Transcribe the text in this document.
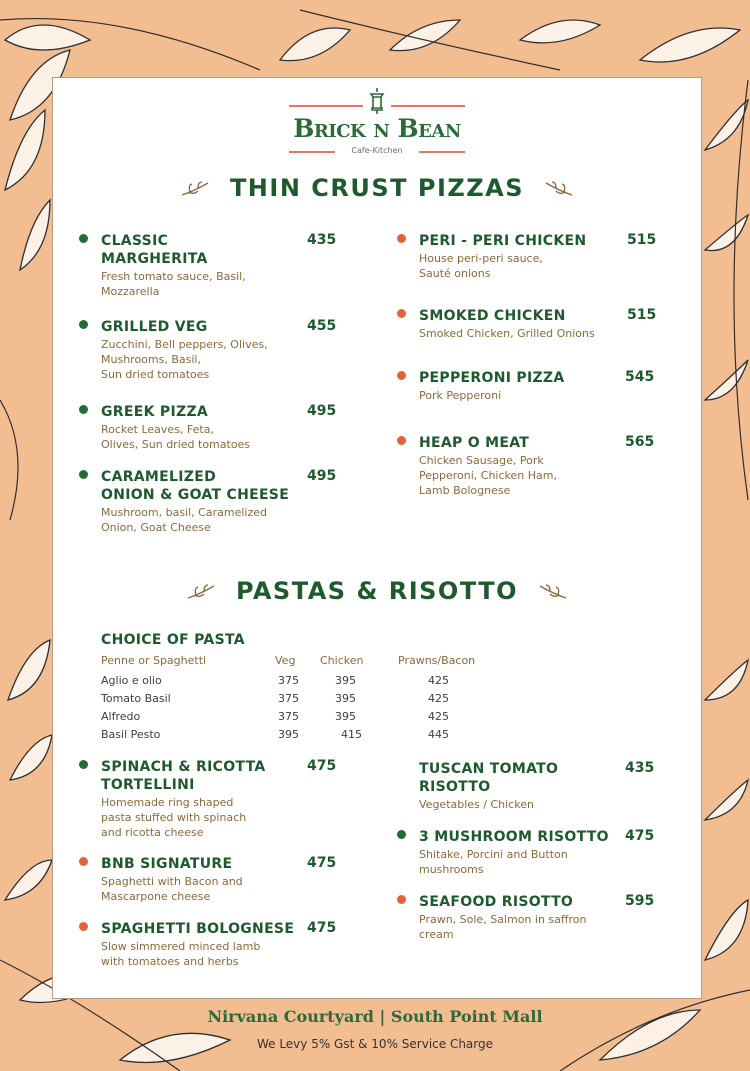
Brick n Bean
Cafe-Kitchen
THIN CRUST PIZZAS
CLASSIC
MARGHERITA
435
Fresh tomato sauce, Basil,
Mozzarella
GRILLED VEG	455
Zucchini, Bell peppers, Olives,
Mushrooms, Basil,
Sun dried tomatoes
GREEK PIZZA	495
Rocket Leaves, Feta,
Olives, Sun dried tomatoes
CARAMELIZED
ONION & GOAT CHEESE
495
Mushroom, basil, Caramelized
Onion, Goat Cheese
PERI - PERI CHICKEN	515
House peri-peri sauce,
Sauté onions
SMOKED CHICKEN	515
Smoked Chicken, Grilled Onions
PEPPERONI PIZZA	545
Pork Pepperoni
HEAP O MEAT	565
Chicken Sausage, Pork
Pepperoni, Chicken Ham,
Lamb Bolognese
PASTAS & RISOTTO
CHOICE OF PASTA
Penne or Spaghetti	Veg Chicken	Prawns/Bacon
Aglio e olio	375	395	425
Tomato Basil	375	395	425
Alfredo	375	395	425
Basil Pesto	395	415	445
SPINACH & RICOTTA
TORTELLINI
475
Homemade ring shaped
pasta stuffed with spinach
and ricotta cheese
BNB SIGNATURE	475
Spaghetti with Bacon and
Mascarpone cheese
SPAGHETTI BOLOGNESE 475
Slow simmered minced lamb
with tomatoes and herbs
TUSCAN TOMATO
RISOTTO
435
Vegetables / Chicken
3 MUSHROOM RISOTTO	475
Shitake, Porcini and Button
mushrooms
SEAFOOD RISOTTO	595
Prawn, Sole, Salmon in saffron
cream
Nirvana Courtyard | South Point Mall
We Levy 5% Gst & 10% Service Charge
